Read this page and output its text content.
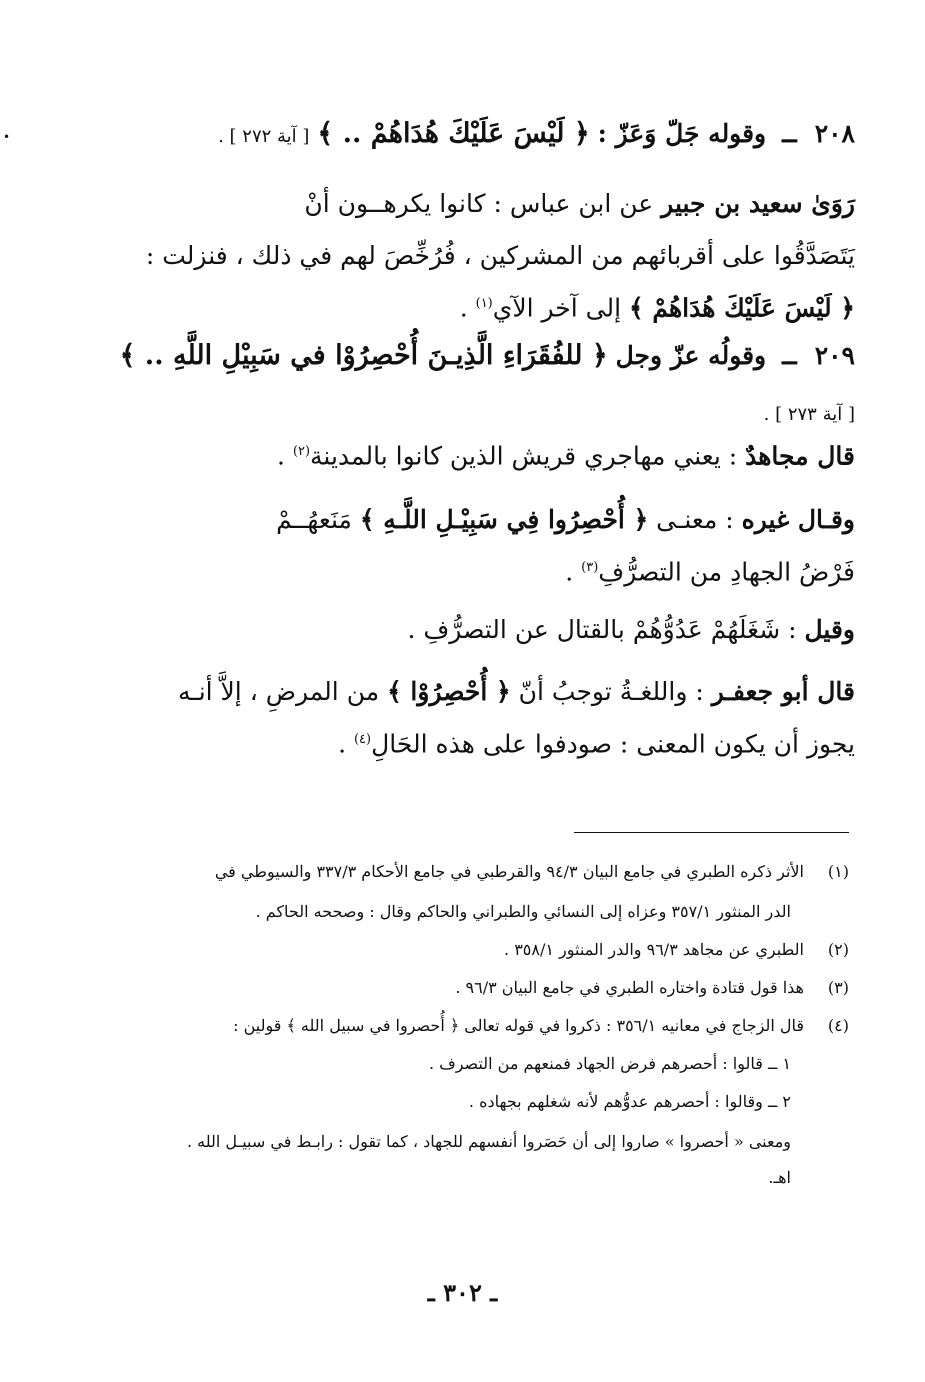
•	٢٠٨ ــ وقوله جَلّ وَعَزّ : ﴿ لَيْسَ عَلَيْكَ هُدَاهُمْ .. ﴾ [ آية ٢٧٢ ] .
رَوَىٰ سعيد بن جبير عن ابن عباس : كانوا يكرهــون أنْ
يَتَصَدَّقُوا على أقربائهم من المشركين ، فُرُخِّصَ لهم في ذلك ، فنزلت :
﴿ لَيْسَ عَلَيْكَ هُدَاهُمْ ﴾ إلى آخر الآي$^{(١)}$ .
٢٠٩ ــ وقولُه عزّ وجل ﴿ للفُقَرَاءِ الَّذِيـنَ أُحْصِرُوْا في سَبِيْلِ اللَّهِ .. ﴾
[ آية ٢٧٣ ] .
قال مجاهدٌ : يعني مهاجري قريش الذين كانوا بالمدينة$^{(٢)}$ .
وقـال غيره : معنـى ﴿ أُحْصِرُوا فِي سَبِيْـلِ اللَّـهِ ﴾ مَنَعهُــمْ
فَرْضُ الجهادِ من التصرُّفِ$^{(٣)}$ .
وقيل : شَغَلَهُمْ عَدُوُّهُمْ بالقتال عن التصرُّفِ .
قال أبو جعفـر : واللغـةُ توجبُ أنّ ﴿ أُحْصِرُوْا ﴾ من المرضِ ، إلاَّ أنـه
يجوز أن يكون المعنى : صودفوا على هذه الحَالِ$^{(٤)}$ .
(١)الأثر ذكره الطبري في جامع البيان ٩٤/٣ والقرطبي في جامع الأحكام ٣٣٧/٣ والسيوطي في
الدر المنثور ٣٥٧/١ وعزاه إلى النسائي والطبراني والحاكم وقال : وصححه الحاكم .
(٢)الطبري عن مجاهد ٩٦/٣ والدر المنثور ٣٥٨/١ .
(٣)هذا قول قتادة واختاره الطبري في جامع البيان ٩٦/٣ .
(٤)قال الزجاج في معانيه ٣٥٦/١ : ذكروا في قوله تعالى ﴿ أُحصروا في سبيل الله ﴾ قولين :
١ ــ قالوا : أحصرهم فرض الجهاد فمنعهم من التصرف .
٢ ــ وقالوا : أحصرهم عدوُّهم لأنه شغلهم بجهاده .
ومعنى « أحصروا » صاروا إلى أن حَصَروا أنفسهم للجهاد ، كما تقول : رابـط في سبيـل الله .
اهـ.
ـ ٣٠٢ ـ
